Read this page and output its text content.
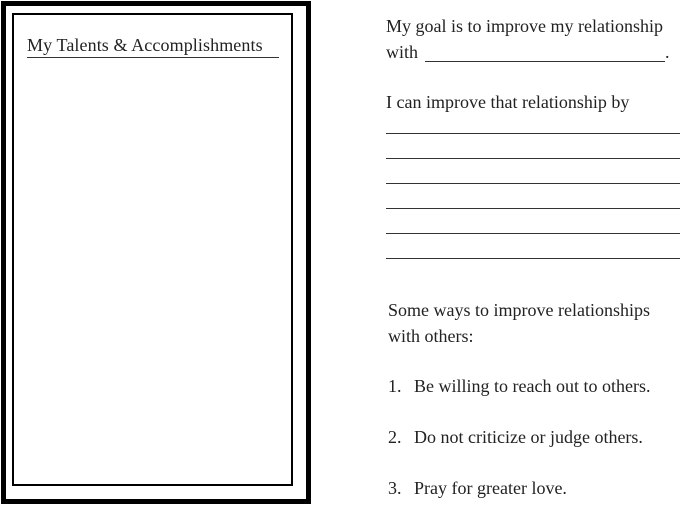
My Talents & Accomplishments
My goal is to improve my relationship
with	.
I can improve that relationship by
Some ways to improve relationships
with others:
1. Be willing to reach out to others.
2. Do not criticize or judge others.
3. Pray for greater love.
